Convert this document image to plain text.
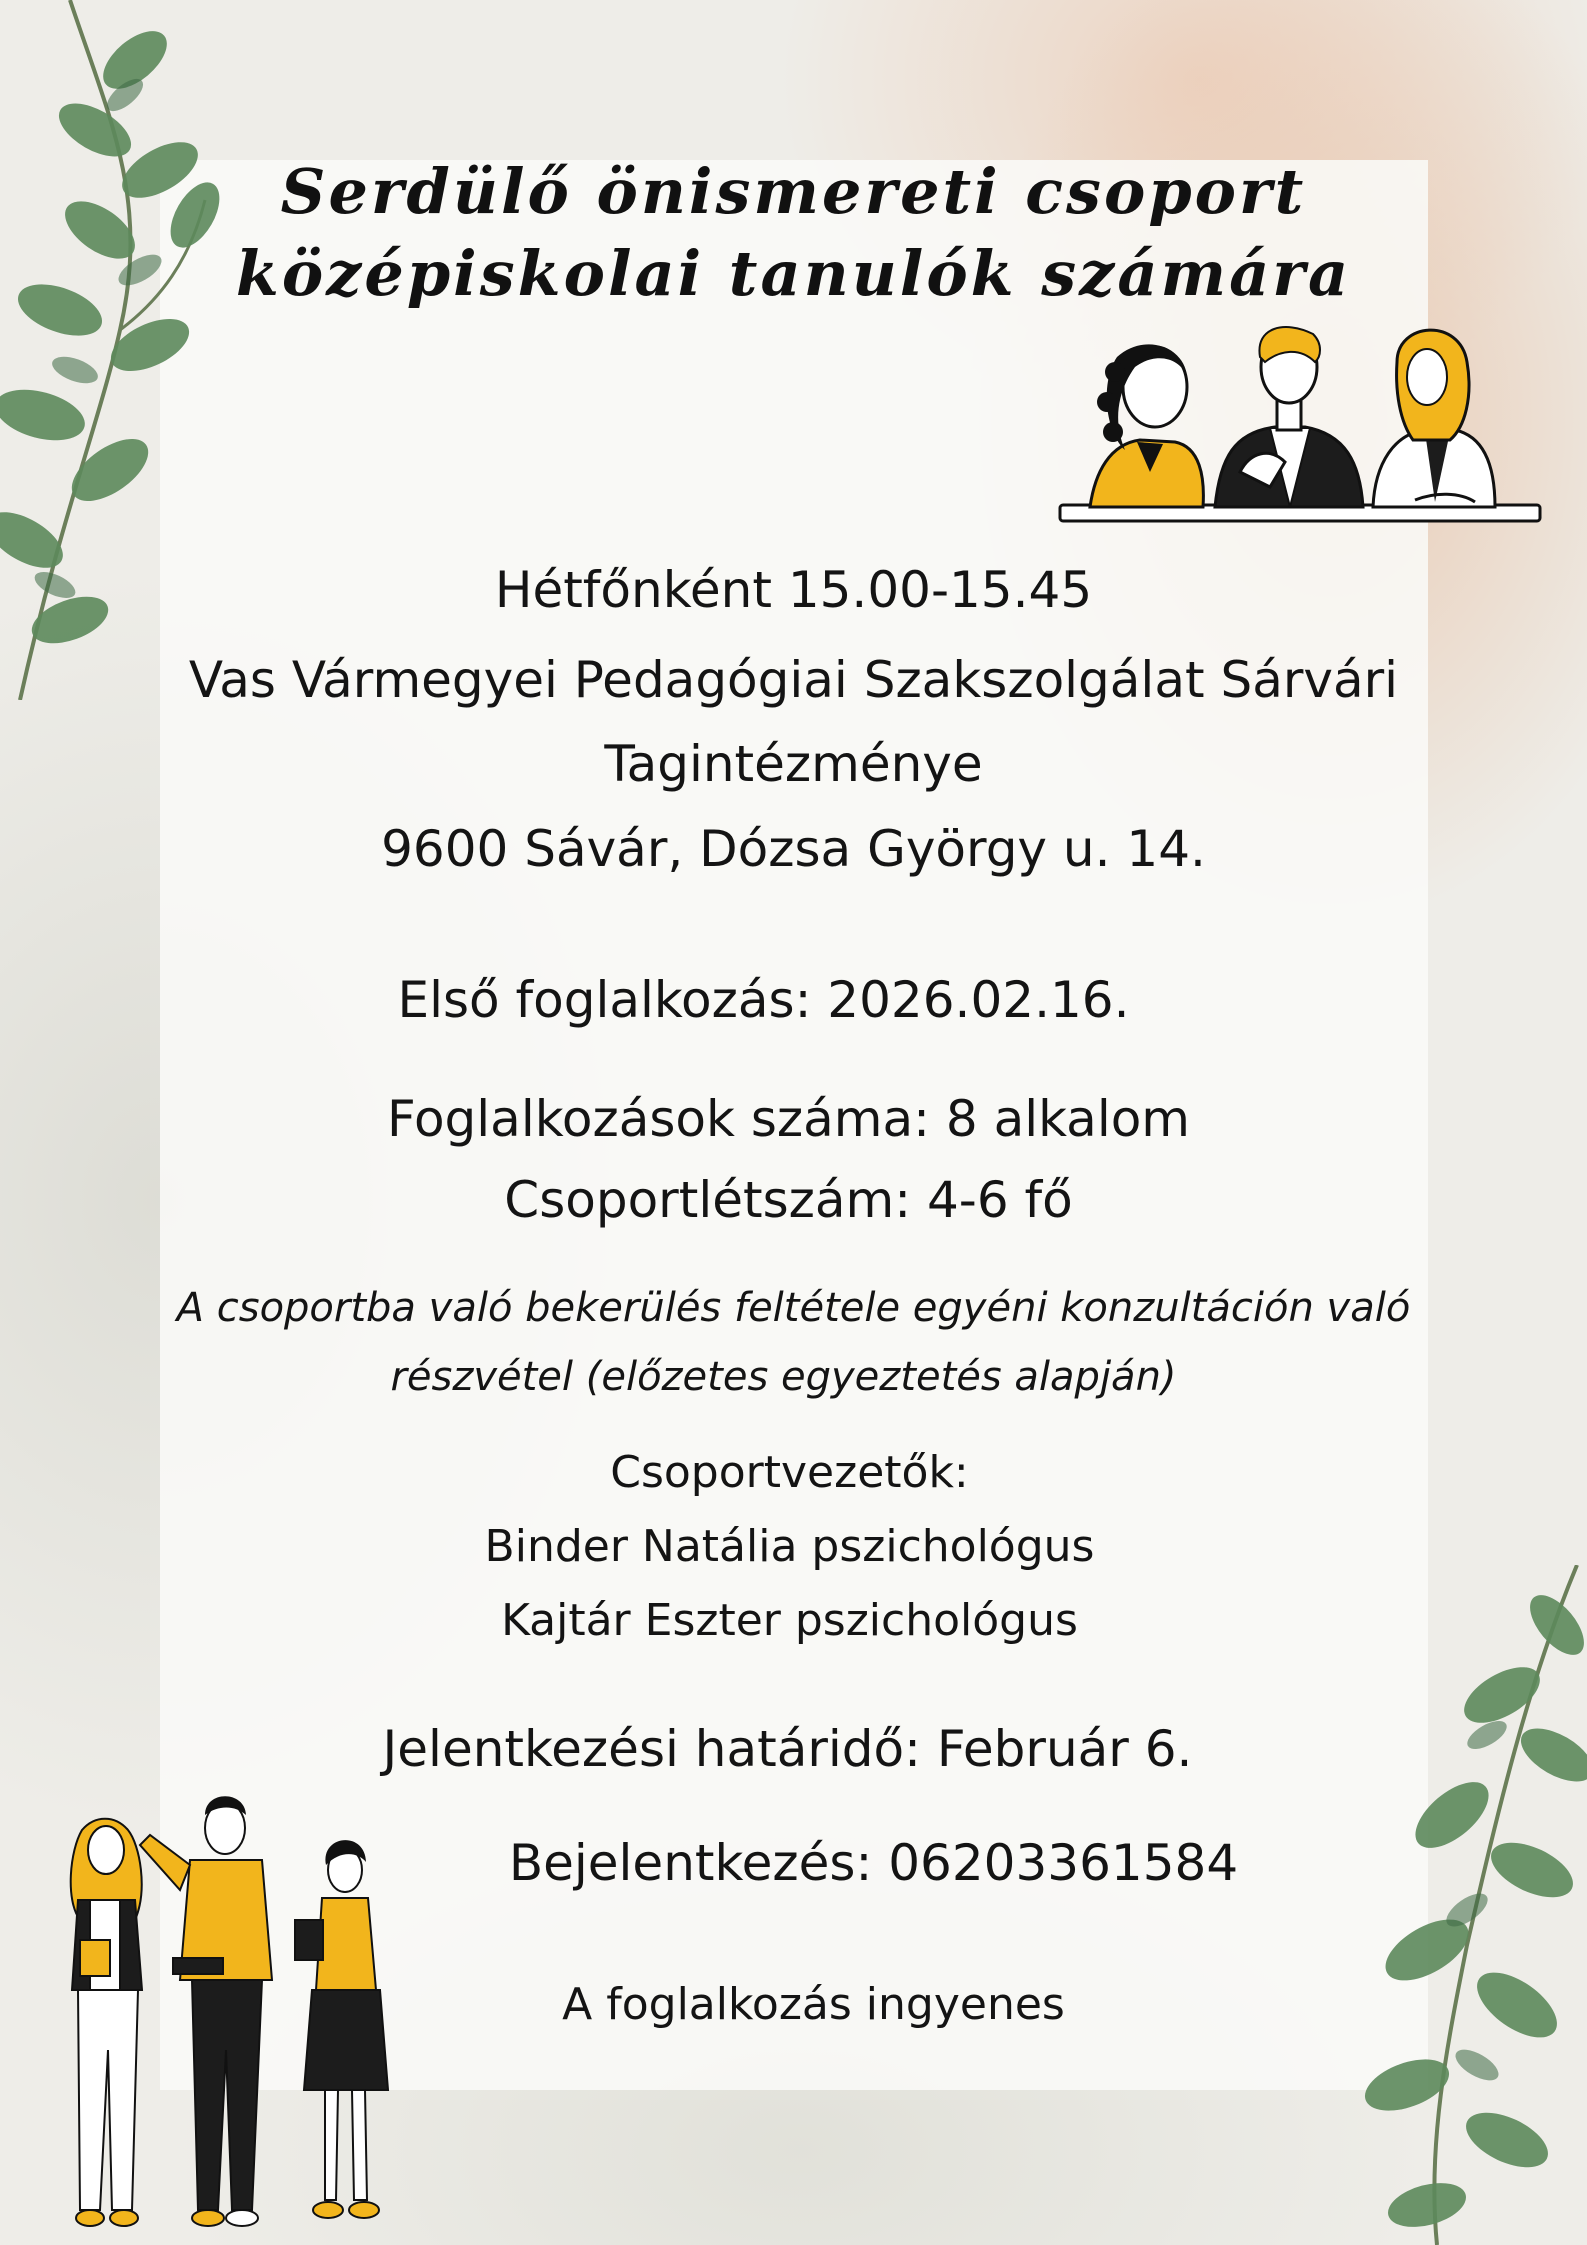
Serdülő önismereti csoport
középiskolai tanulók számára
Hétfőnként 15.00-15.45
Vas Vármegyei Pedagógiai Szakszolgálat Sárvári
Tagintézménye
9600 Sávár, Dózsa György u. 14.
Első foglalkozás: 2026.02.16.
Foglalkozások száma: 8 alkalom
Csoportlétszám: 4-6 fő
A csoportba való bekerülés feltétele egyéni konzultáción való
részvétel (előzetes egyeztetés alapján)
Csoportvezetők:
Binder Natália pszichológus
Kajtár Eszter pszichológus
Jelentkezési határidő: Február 6.
Bejelentkezés: 06203361584
A foglalkozás ingyenes
